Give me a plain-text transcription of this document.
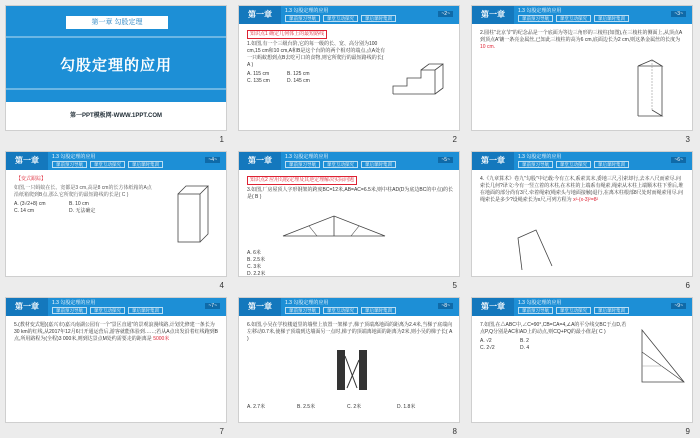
第一章 勾股定理
勾股定理的应用
第一PPT模板网-WWW.1PPT.COM
1
第一章	1.3 勾股定理的应用
课前预习导航	课堂互动探究	课后课时集训
~2~
知识点1 确定几何体上的最短路线
1.如图,有一个三级台阶,它的每一级的长、宽、高分别为100 cm,15 cm和10 cm,A和B是这个台阶的两个相对的端点,点A处有一只蚂蚁想到点B去吃可口的食物,则它所爬行的最短路线的长( A )
A. 115 cm	B. 125 cm
C. 135 cm	D. 145 cm
2
第一章	1.3 勾股定理的应用
课前预习导航	课堂互动探究	课后课时集训
~3~
2.圆柱"北京节"的纪念品是一个底面为等边三角形的三棱柱(如图),在三棱柱的侧面上,从顶点A到顶点A'镶一条亮金属丝,已知此三棱柱的高为6 cm,底面边长为2 cm,则这条金属丝的长度为 10 cm.
3
第一章	1.3 勾股定理的应用
课前预习导航	课堂互动探究	课后课时集训
~4~
【变式跟踪】
如图,一只蚂蚁在长、宽都是3 cm,高是8 cm的长方体纸箱的A点沿纸箱爬到B点,那么它所爬行的最短路线的长是( C )
A. (3√2+8) cm	B. 10 cm
C. 14 cm	D. 无法确定
4
第一章	1.3 勾股定理的应用
课前预习导航	课堂互动探究	课后课时集训
~5~
知识点2 应用勾股定理及其逆定理解决实际问题
3.如图,厂房屋顶人字形钢架的跨度BC=12米,AB=AC=6.5米,则中柱AD(D为底边BC的中点)的长是( B )
A. 6米
B. 2.5米
C. 3米
D. 2.2米
5
第一章	1.3 勾股定理的应用
课前预习导航	课堂互动探究	课后课时集训
~6~
4.《九章算术》卷九"勾股"中记载:今有立木,系索其末,委地三尺,引索却行,去本八尺而索尽.问索长几何?译文:今有一竖立着的木柱,在木柱的上端系有绳索,绳索从木柱上端顺木柱下垂后,堆在地面的部分尚有3尺.牵着绳索(绳索头与地面接触)退行,在离木柱根部8尺处时而绳索用尽.问绳索长是多少?设绳索长为x尺,可列方程为 x²-(x-3)²=8²
6
第一章	1.3 勾股定理的应用
课前预习导航	课堂互动探究	课后课时集训
~7~
5.(教材变式题)(嘉兴市)嘉兴南湖公园有一个"景区直通"的景观浪漫线路,计划先修建一条长为30 km的红线,从2017年12月6日开通运营后,游客就能体验到……;若从A点出发沿着红线跑到B点,所用路程为(全程)3 000米,则到达景点M处约需要走的距离是 5000米
7
第一章	1.3 勾股定理的应用
课前预习导航	课堂互动探究	课后课时集训
~8~
6.如图,小吴在学校楼道里的墙壁上放置一架梯子,梯子顶端离地面的距离为2.4米,当梯子底端向左移动0.7米,使梯子顶端到达墙面另一点时,梯子的顶端离地面的距离为2米,则小吴的梯子长( A )
A. 2.7米	B. 2.5米	C. 2米	D. 1.8米
8
第一章	1.3 勾股定理的应用
课前预习导航	课堂互动探究	课后课时集训
~9~
7.如图,在△ABC中,∠C=90°,CB=CA=4,∠A的平分线交BC于点D,若点P,Q分别是AC和AD上的动点,则CQ+PQ的最小值是( C )
A. √2	B. 2
C. 2√2	D. 4
9
